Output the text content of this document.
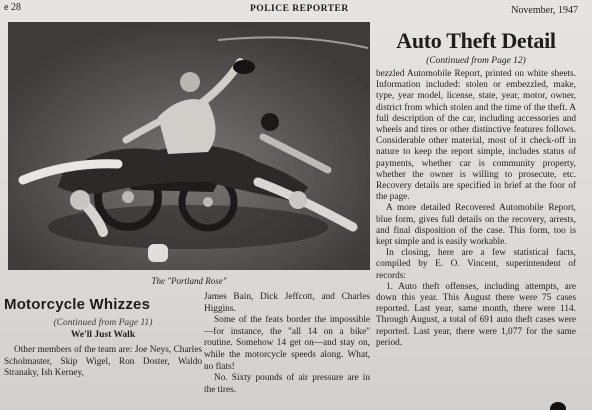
e 28	POLICE REPORTER	November, 1947
The "Portland Rose"
Motorcycle Whizzes

(Continued from Page 11)

We'll Just Walk

Other members of the team are: Joe Neys, Charles Scholmaster, Skip Wigel, Ron Doster, Waldo Stranaky, Ish Kerney,

James Bain, Dick Jeffcott, and Charles Higgins.

Some of the feats border the impossible—for instance, the "all 14 on a bike" routine. Somehow 14 get on—and stay on, while the motorcycle speeds along. What, no flats!

No. Sixty pounds of air pressure are in the tires.

Auto Theft Detail

(Continued from Page 12)

bezzled Automobile Report, printed on white sheets. Information included: stolen or embezzled, make, type, year model, license, state, year, motor, owner, district from which stolen and the time of the theft. A full description of the car, including accessories and wheels and tires or other distinctive features follows. Considerable other material, most of it check-off in nature to keep the report simple, includes status of payments, whether car is community property, whether the owner is willing to prosecute, etc. Recovery details are specified in brief at the foor of the page.

A more detailed Recovered Automobile Report, blue form, gives full details on the recovery, arrests, and final disposition of the case. This form, too is kept simple and is easily workable.

In closing, here are a few statistical facts, compiled by E. O. Vincent, superintendent of records:

1. Auto theft offenses, including attempts, are down this year. This August there were 75 cases reported. Last year, same month, there were 114. Through August, a total of 691 auto theft cases were reported. Last year, there were 1,077 for the same period.
